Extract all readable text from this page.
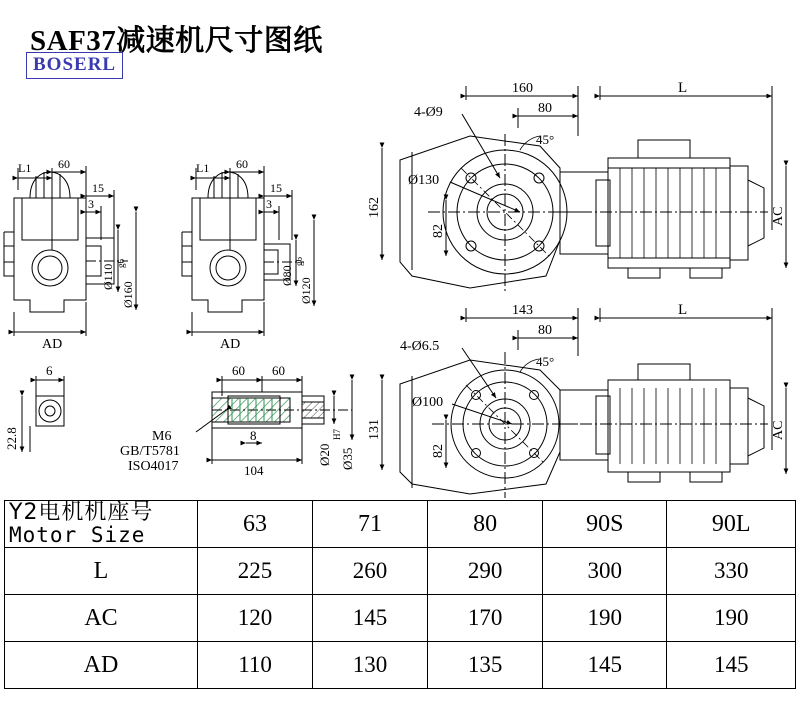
SAF37减速机尺寸图纸
BOSERL
L1 60
15
3
Ø110
g6
Ø160
AD
L1 60
15
3
Ø80
g6
Ø120
AD
6
22.8
60 60
M6
GB/T5781
ISO4017
8
104
Ø20
H7
Ø35
160	L
80
4-Ø9
45°
Ø130
162
82
AC
143	L
80
4-Ø6.5
45°
Ø100
131
82
AC
Y2电机机座号
Motor Size	63	71	80	90S	90L
L	225	260	290	300	330
AC	120	145	170	190	190
AD	110	130	135	145	145
